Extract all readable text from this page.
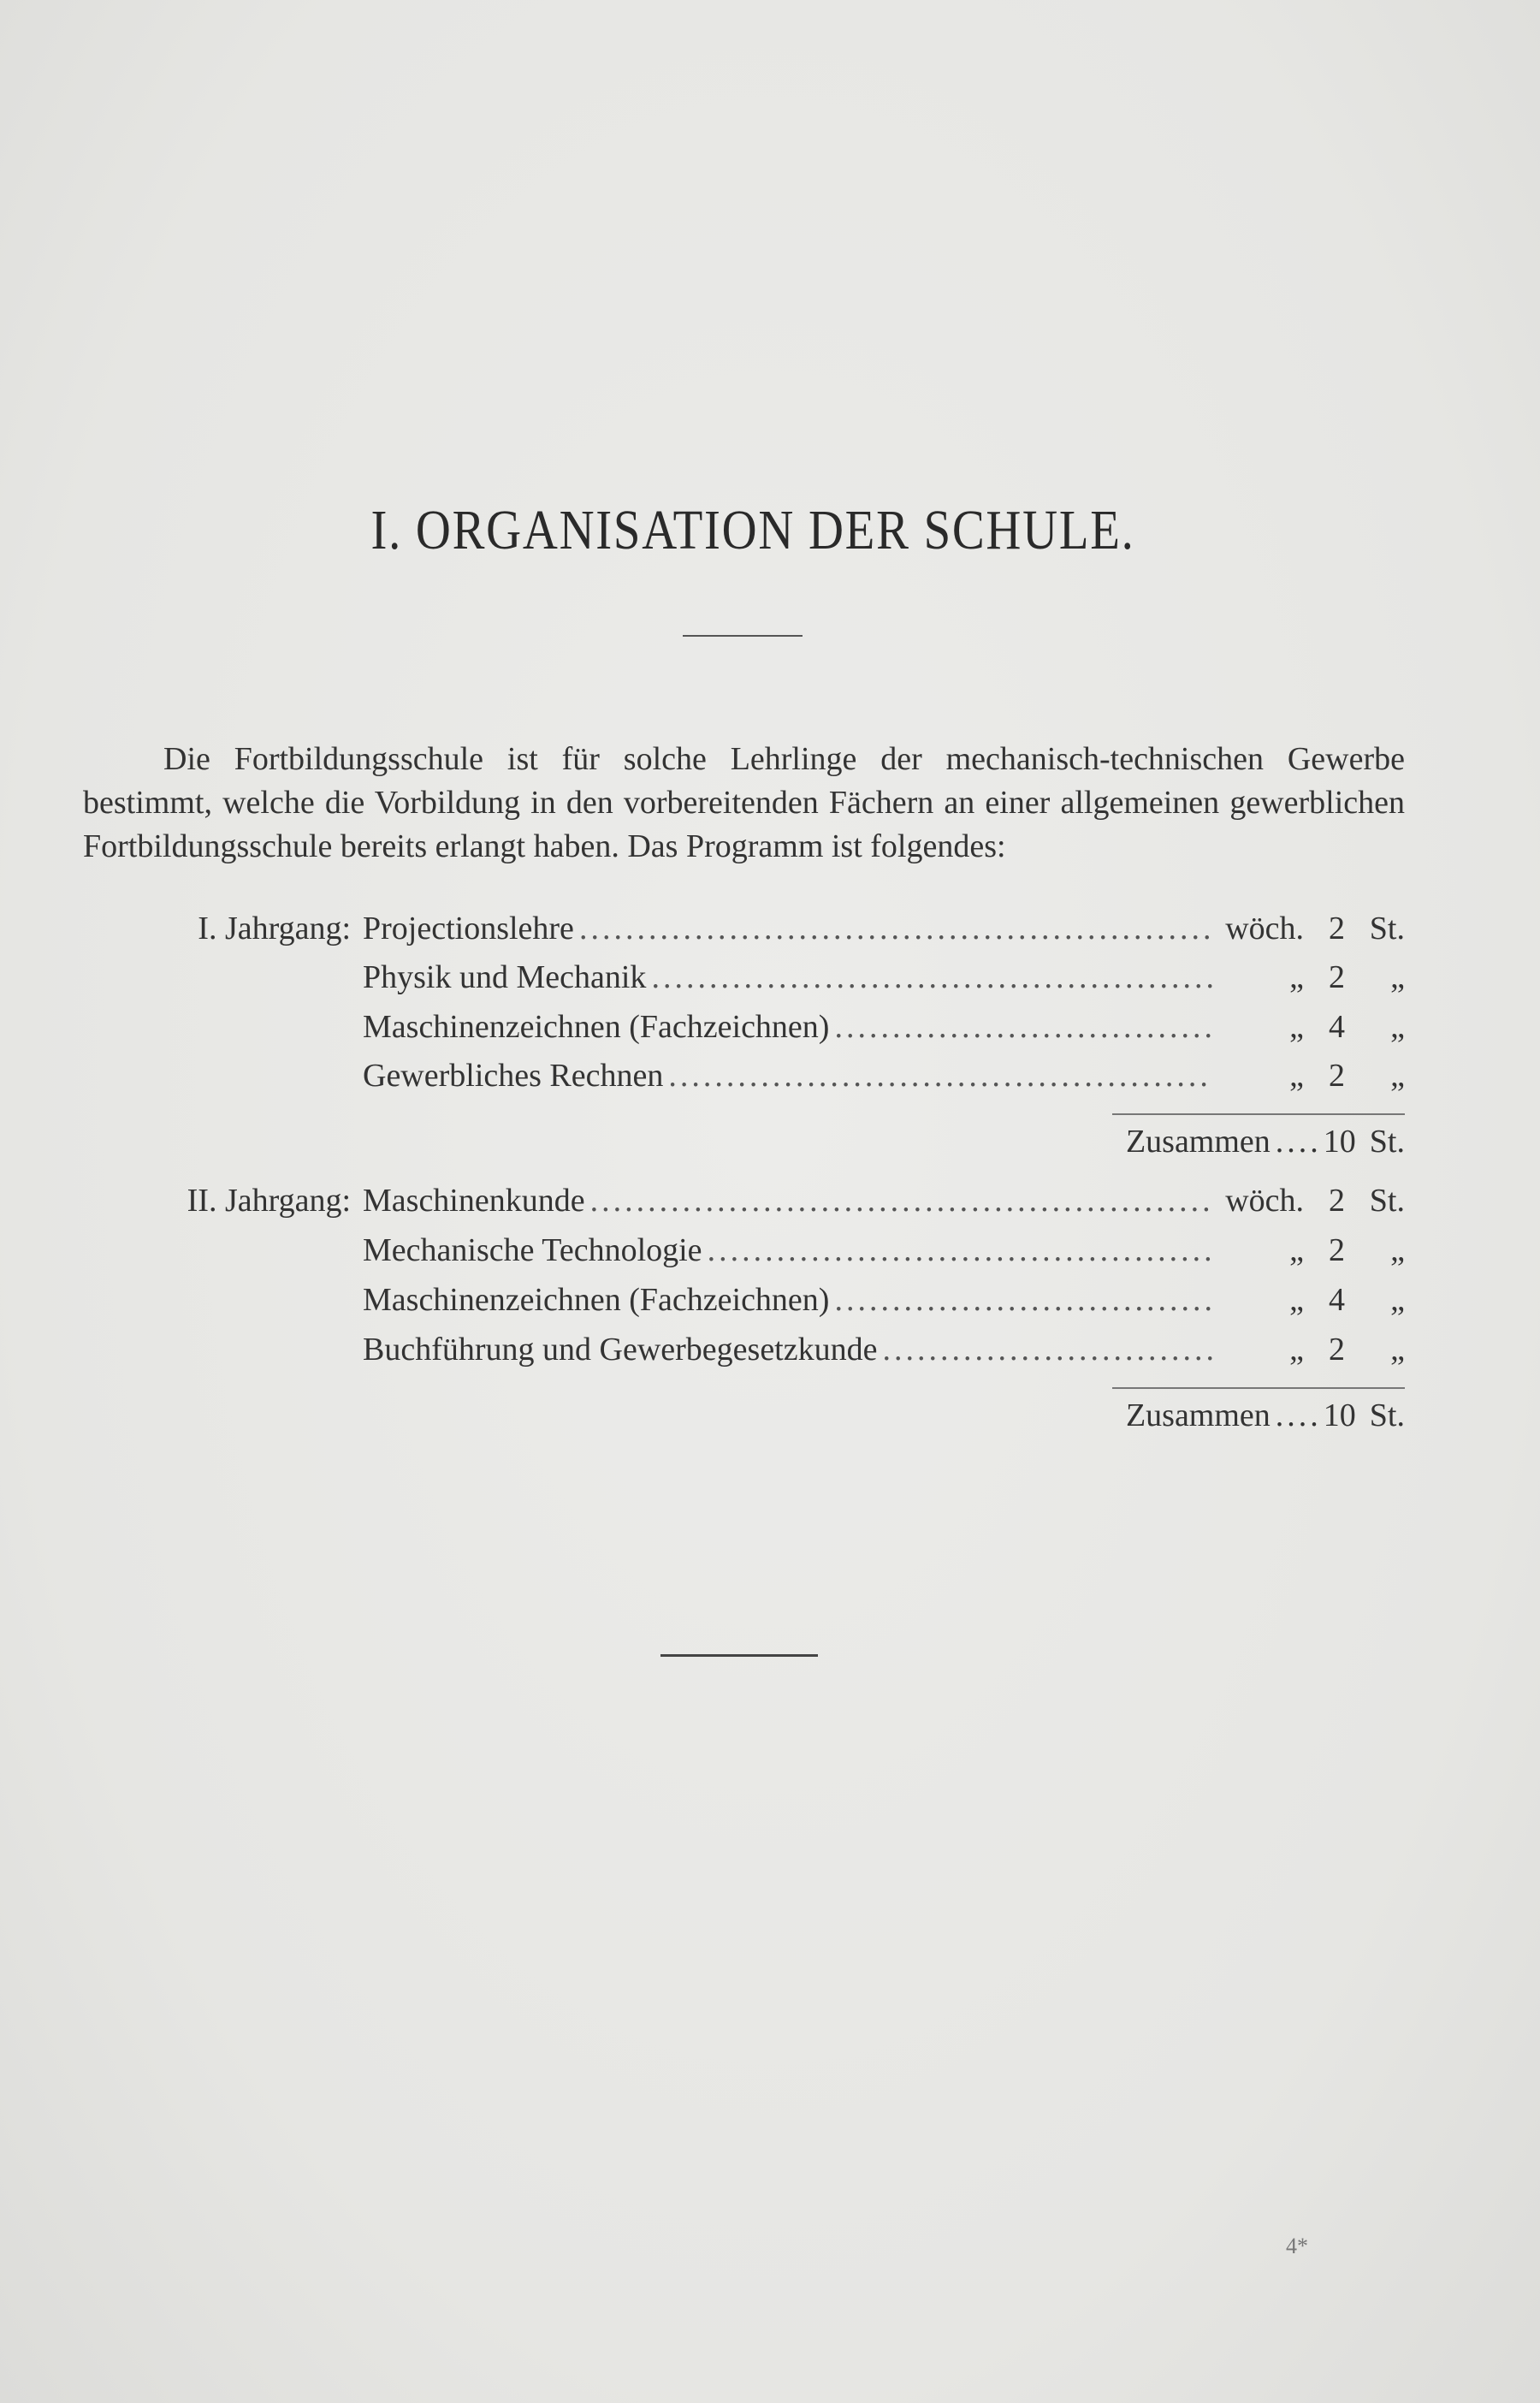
I. ORGANISATION DER SCHULE.
Die Fortbildungsschule ist für solche Lehrlinge der mechanisch-technischen Gewerbe bestimmt, welche die Vorbildung in den vorbereitenden Fächern an einer allgemeinen gewerblichen Fortbildungsschule bereits erlangt haben. Das Programm ist folgendes:
I. Jahrgang: Projectionslehre .....	wöch. 2 St.
Physik und Mechanik .....	„ 2	„
Maschinenzeichnen (Fachzeichnen) .....	„ 4	„
Gewerbliches Rechnen .....	„ 2	„
Zusammen .... 10 St.
II. Jahrgang: Maschinenkunde .....	wöch. 2 St.
Mechanische Technologie .....	„ 2	„
Maschinenzeichnen (Fachzeichnen) .....	„ 4	„
Buchführung und Gewerbegesetzkunde .....	„ 2	„
Zusammen .... 10 St.
4*
